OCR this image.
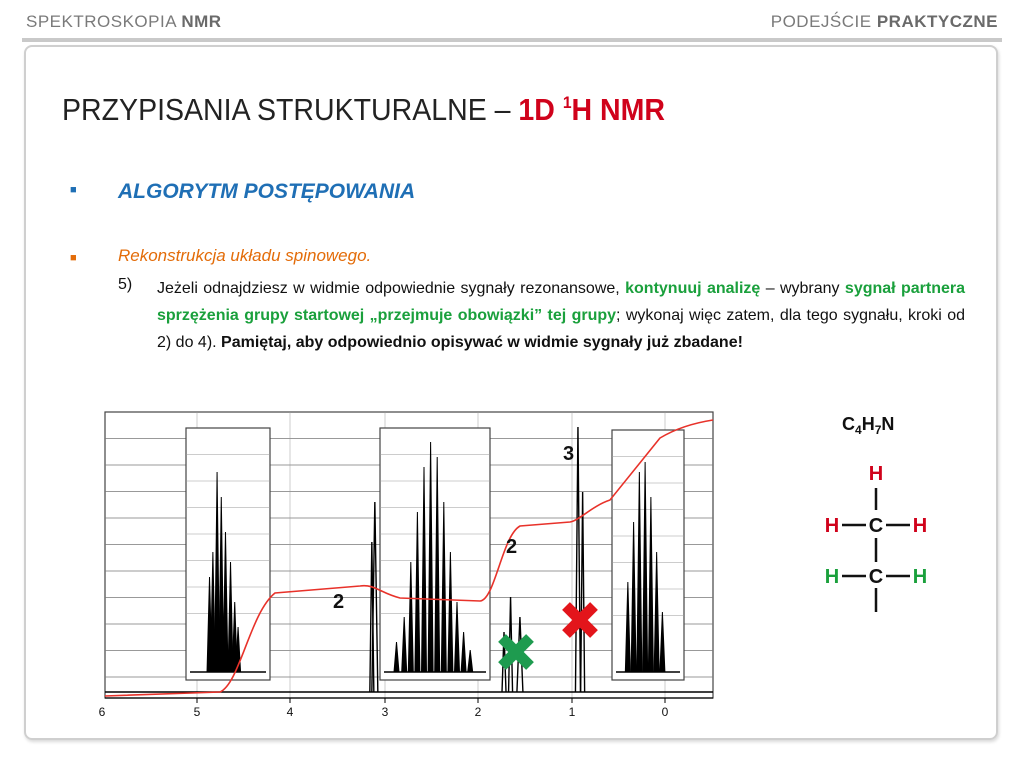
SPEKTROSKOPIA NMR	PODEJŚCIE PRAKTYCZNE
PRZYPISANIA STRUKTURALNE – 1D $^1$H NMR
■ ALGORYTM POSTĘPOWANIA
■ Rekonstrukcja układu spinowego.
5) Jeżeli odnajdziesz w widmie odpowiednie sygnały rezonansowe, kontynuuj analizę – wybrany sygnał partnera sprzężenia grupy startowej „przejmuje obowiązki” tej grupy; wykonaj więc zatem, dla tego sygnału, kroki od 2) do 4). Pamiętaj, aby odpowiednio opisywać w widmie sygnały już zbadane!
2
2
3
5	4	3	2	1	0
6
$C_4H_7N$
H
C
H	H
C
H	H
